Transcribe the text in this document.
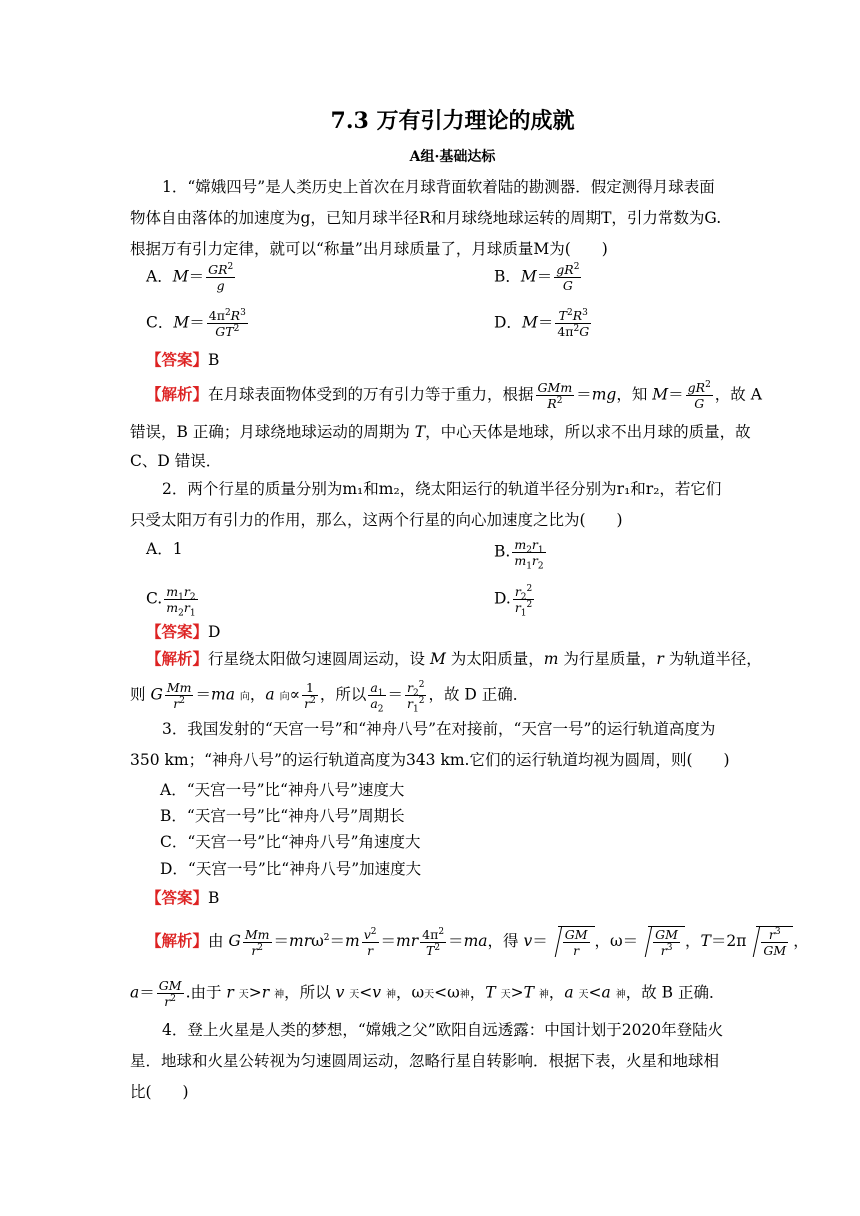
7.3 万有引力理论的成就
A组·基础达标
1．“嫦娥四号”是人类历史上首次在月球背面软着陆的勘测器．假定测得月球表面物体自由落体的加速度为g，已知月球半径R和月球绕地球运转的周期T，引力常数为G.根据万有引力定律，就可以“称量”出月球质量了，月球质量M为(　　)
A．$M= \frac{GR^2}{g}$	B．$M= \frac{gR^2}{G}$
C．$M= \frac{4\pi^2R^3}{GT^2}$	D．$M= \frac{T^2R^3}{4\pi^2G}$
【答案】B
【解析】在月球表面物体受到的万有引力等于重力，根据 $\frac{\text{GMm}}{R^2} =mg$，知 $M= \frac{gR^2}{G}$ ，故 A
错误，B 正确；月球绕地球运动的周期为 T，中心天体是地球，所以求不出月球的质量，故
C、D 错误．
2．两个行星的质量分别为m₁和m₂，绕太阳运行的轨道半径分别为r₁和r₂，若它们只受太阳万有引力的作用，那么，这两个行星的向心加速度之比为(　　)
A．1	B. $\frac{m_2r_1}{m_1r_2}$
C. $\frac{m_1r_2}{m_2r_1}$	D. $\frac{r_2^2}{r_1^2}$
【答案】D
【解析】行星绕太阳做匀速圆周运动，设 M 为太阳质量，m 为行星质量，r 为轨道半径，
则 G $\frac{Mm}{r^2} =ma$ 向，a 向∝ $\frac{1}{r^2}$ ，所以 $\frac{a_1}{a_2} = \frac{r_2^2}{r_1^2}$ ，故 D 正确．
3．我国发射的“天宫一号”和“神舟八号”在对接前，“天宫一号”的运行轨道高度为350 km；“神舟八号”的运行轨道高度为343 km.它们的运行轨道均视为圆周，则(　　)
A．“天宫一号”比“神舟八号”速度大
B．“天宫一号”比“神舟八号”周期长
C．“天宫一号”比“神舟八号”角速度大
D．“天宫一号”比“神舟八号”加速度大
【答案】B
【解析】由 G $\frac{Mm}{r^2} =mr\omega^2=m \frac{v^2}{r} =mr \frac{4\pi^2}{T^2} =ma$，得 $v= \frac{GM}{r}$ ，$\omega= \frac{GM}{r^3}$ ，$T=2\pi \frac{r^3}{GM}$ ，
$a= \frac{GM}{r^2}$ .由于 r 天>r 神，所以 v 天<v 神，ω天<ω神，T 天>T 神，a 天<a 神，故 B 正确．
4．登上火星是人类的梦想，“嫦娥之父”欧阳自远透露：中国计划于2020年登陆火星．地球和火星公转视为匀速圆周运动，忽略行星自转影响．根据下表，火星和地球相比(　　)
